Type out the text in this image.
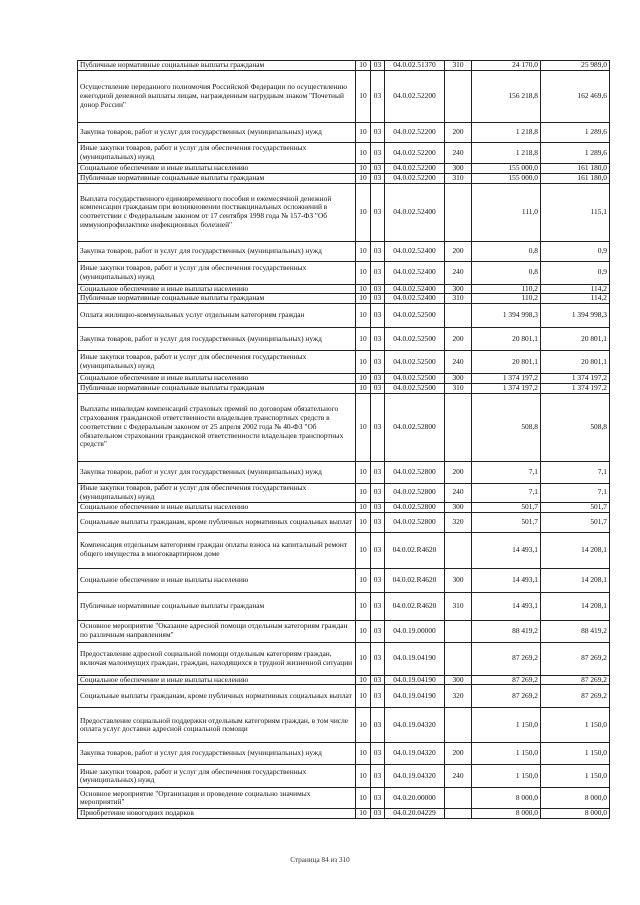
Публичные нормативные социальные выплаты гражданам	10	03	04.0.02.51370	310	24 170,0	25 989,0
Осуществление переданного полномочия Российской Федерации по осуществлению ежегодной денежной выплаты лицам, награжденным нагрудным знаком "Почетный донор России"	10	03	04.0.02.52200		156 218,8	162 469,6
Закупка товаров, работ и услуг для государственных (муниципальных) нужд	10	03	04.0.02.52200	200	1 218,8	1 289,6
Иные закупки товаров, работ и услуг для обеспечения государственных (муниципальных) нужд	10	03	04.0.02.52200	240	1 218,8	1 289,6
Социальное обеспечение и иные выплаты населению	10	03	04.0.02.52200	300	155 000,0	161 180,0
Публичные нормативные социальные выплаты гражданам	10	03	04.0.02.52200	310	155 000,0	161 180,0
Выплата государственного единовременного пособия и ежемесячной денежной компенсации гражданам при возникновении поствакцинальных осложнений в соответствии с Федеральным законом от 17 сентября 1998 года № 157-ФЗ "Об иммунопрофилактике инфекционных болезней"	10	03	04.0.02.52400		111,0	115,1
Закупка товаров, работ и услуг для государственных (муниципальных) нужд	10	03	04.0.02.52400	200	0,8	0,9
Иные закупки товаров, работ и услуг для обеспечения государственных (муниципальных) нужд	10	03	04.0.02.52400	240	0,8	0,9
Социальное обеспечение и иные выплаты населению	10	03	04.0.02.52400	300	110,2	114,2
Публичные нормативные социальные выплаты гражданам	10	03	04.0.02.52400	310	110,2	114,2
Оплата жилищно-коммунальных услуг отдельным категориям граждан	10	03	04.0.02.52500		1 394 998,3	1 394 998,3
Закупка товаров, работ и услуг для государственных (муниципальных) нужд	10	03	04.0.02.52500	200	20 801,1	20 801,1
Иные закупки товаров, работ и услуг для обеспечения государственных (муниципальных) нужд	10	03	04.0.02.52500	240	20 801,1	20 801,1
Социальное обеспечение и иные выплаты населению	10	03	04.0.02.52500	300	1 374 197,2	1 374 197,2
Публичные нормативные социальные выплаты гражданам	10	03	04.0.02.52500	310	1 374 197,2	1 374 197,2
Выплаты инвалидам компенсаций страховых премий по договорам обязательного страхования гражданской ответственности владельцев транспортных средств в соответствии с Федеральным законом от 25 апреля 2002 года № 40-ФЗ "Об обязательном страховании гражданской ответственности владельцев транспортных средств"	10	03	04.0.02.52800		508,8	508,8
Закупка товаров, работ и услуг для государственных (муниципальных) нужд	10	03	04.0.02.52800	200	7,1	7,1
Иные закупки товаров, работ и услуг для обеспечения государственных (муниципальных) нужд	10	03	04.0.02.52800	240	7,1	7,1
Социальное обеспечение и иные выплаты населению	10	03	04.0.02.52800	300	501,7	501,7
Социальные выплаты гражданам, кроме публичных нормативных социальных выплат	10	03	04.0.02.52800	320	501,7	501,7
Компенсация отдельным категориям граждан оплаты взноса на капитальный ремонт общего имущества в многоквартирном доме	10	03	04.0.02.R4620		14 493,1	14 208,1
Социальное обеспечение и иные выплаты населению	10	03	04.0.02.R4620	300	14 493,1	14 208,1
Публичные нормативные социальные выплаты гражданам	10	03	04.0.02.R4620	310	14 493,1	14 208,1
Основное мероприятие "Оказание адресной помощи отдельным категориям граждан по различным направлениям"	10	03	04.0.19.00000		88 419,2	88 419,2
Предоставление адресной социальной помощи отдельным категориям граждан, включая малоимущих граждан, граждан, находящихся в трудной жизненной ситуации	10	03	04.0.19.04190		87 269,2	87 269,2
Социальное обеспечение и иные выплаты населению	10	03	04.0.19.04190	300	87 269,2	87 269,2
Социальные выплаты гражданам, кроме публичных нормативных социальных выплат	10	03	04.0.19.04190	320	87 269,2	87 269,2
Предоставление социальной поддержки отдельным категориям граждан, в том числе оплата услуг доставки адресной социальной помощи	10	03	04.0.19.04320		1 150,0	1 150,0
Закупка товаров, работ и услуг для государственных (муниципальных) нужд	10	03	04.0.19.04320	200	1 150,0	1 150,0
Иные закупки товаров, работ и услуг для обеспечения государственных (муниципальных) нужд	10	03	04.0.19.04320	240	1 150,0	1 150,0
Основное мероприятие "Организация и проведение социально значимых мероприятий"	10	03	04.0.20.00000		8 000,0	8 000,0
Приобретение новогодних подарков	10	03	04.0.20.04229		8 000,0	8 000,0
Страница 84 из 310
